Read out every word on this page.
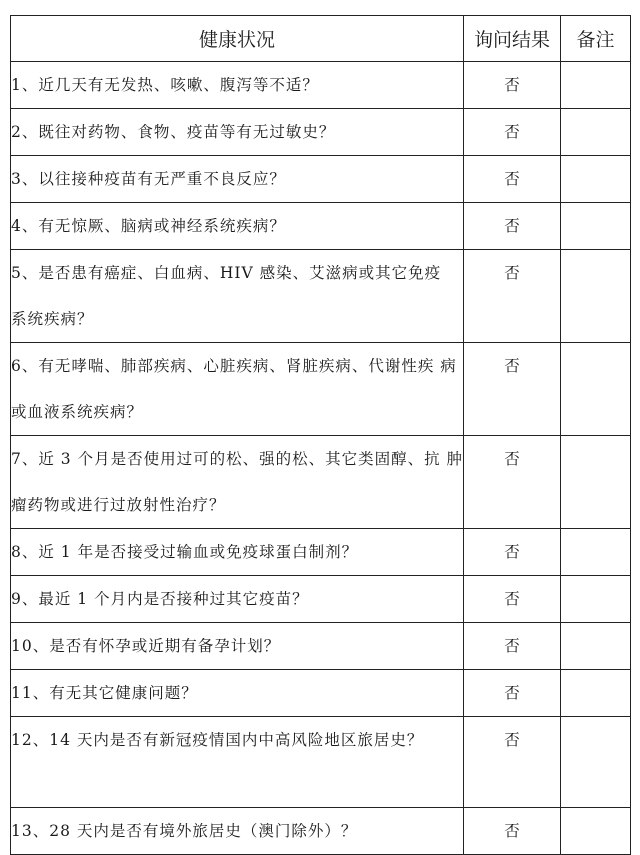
健康状况	询问结果	备注
1、近几天有无发热、咳嗽、腹泻等不适？	否	
2、既往对药物、食物、疫苗等有无过敏史？	否	
3、以往接种疫苗有无严重不良反应？	否	
4、有无惊厥、脑病或神经系统疾病？	否	
5、是否患有癌症、白血病、HIV 感染、艾滋病或其它免疫 系统疾病？	否	
6、有无哮喘、肺部疾病、心脏疾病、肾脏疾病、代谢性疾 病或血液系统疾病？	否	
7、近 3 个月是否使用过可的松、强的松、其它类固醇、抗 肿瘤药物或进行过放射性治疗？	否	
8、近 1 年是否接受过输血或免疫球蛋白制剂？	否	
9、最近 1 个月内是否接种过其它疫苗？	否	
10、是否有怀孕或近期有备孕计划？	否	
11、有无其它健康问题？	否	
12、14 天内是否有新冠疫情国内中高风险地区旅居史？	否	
13、28 天内是否有境外旅居史（澳门除外）？	否	
